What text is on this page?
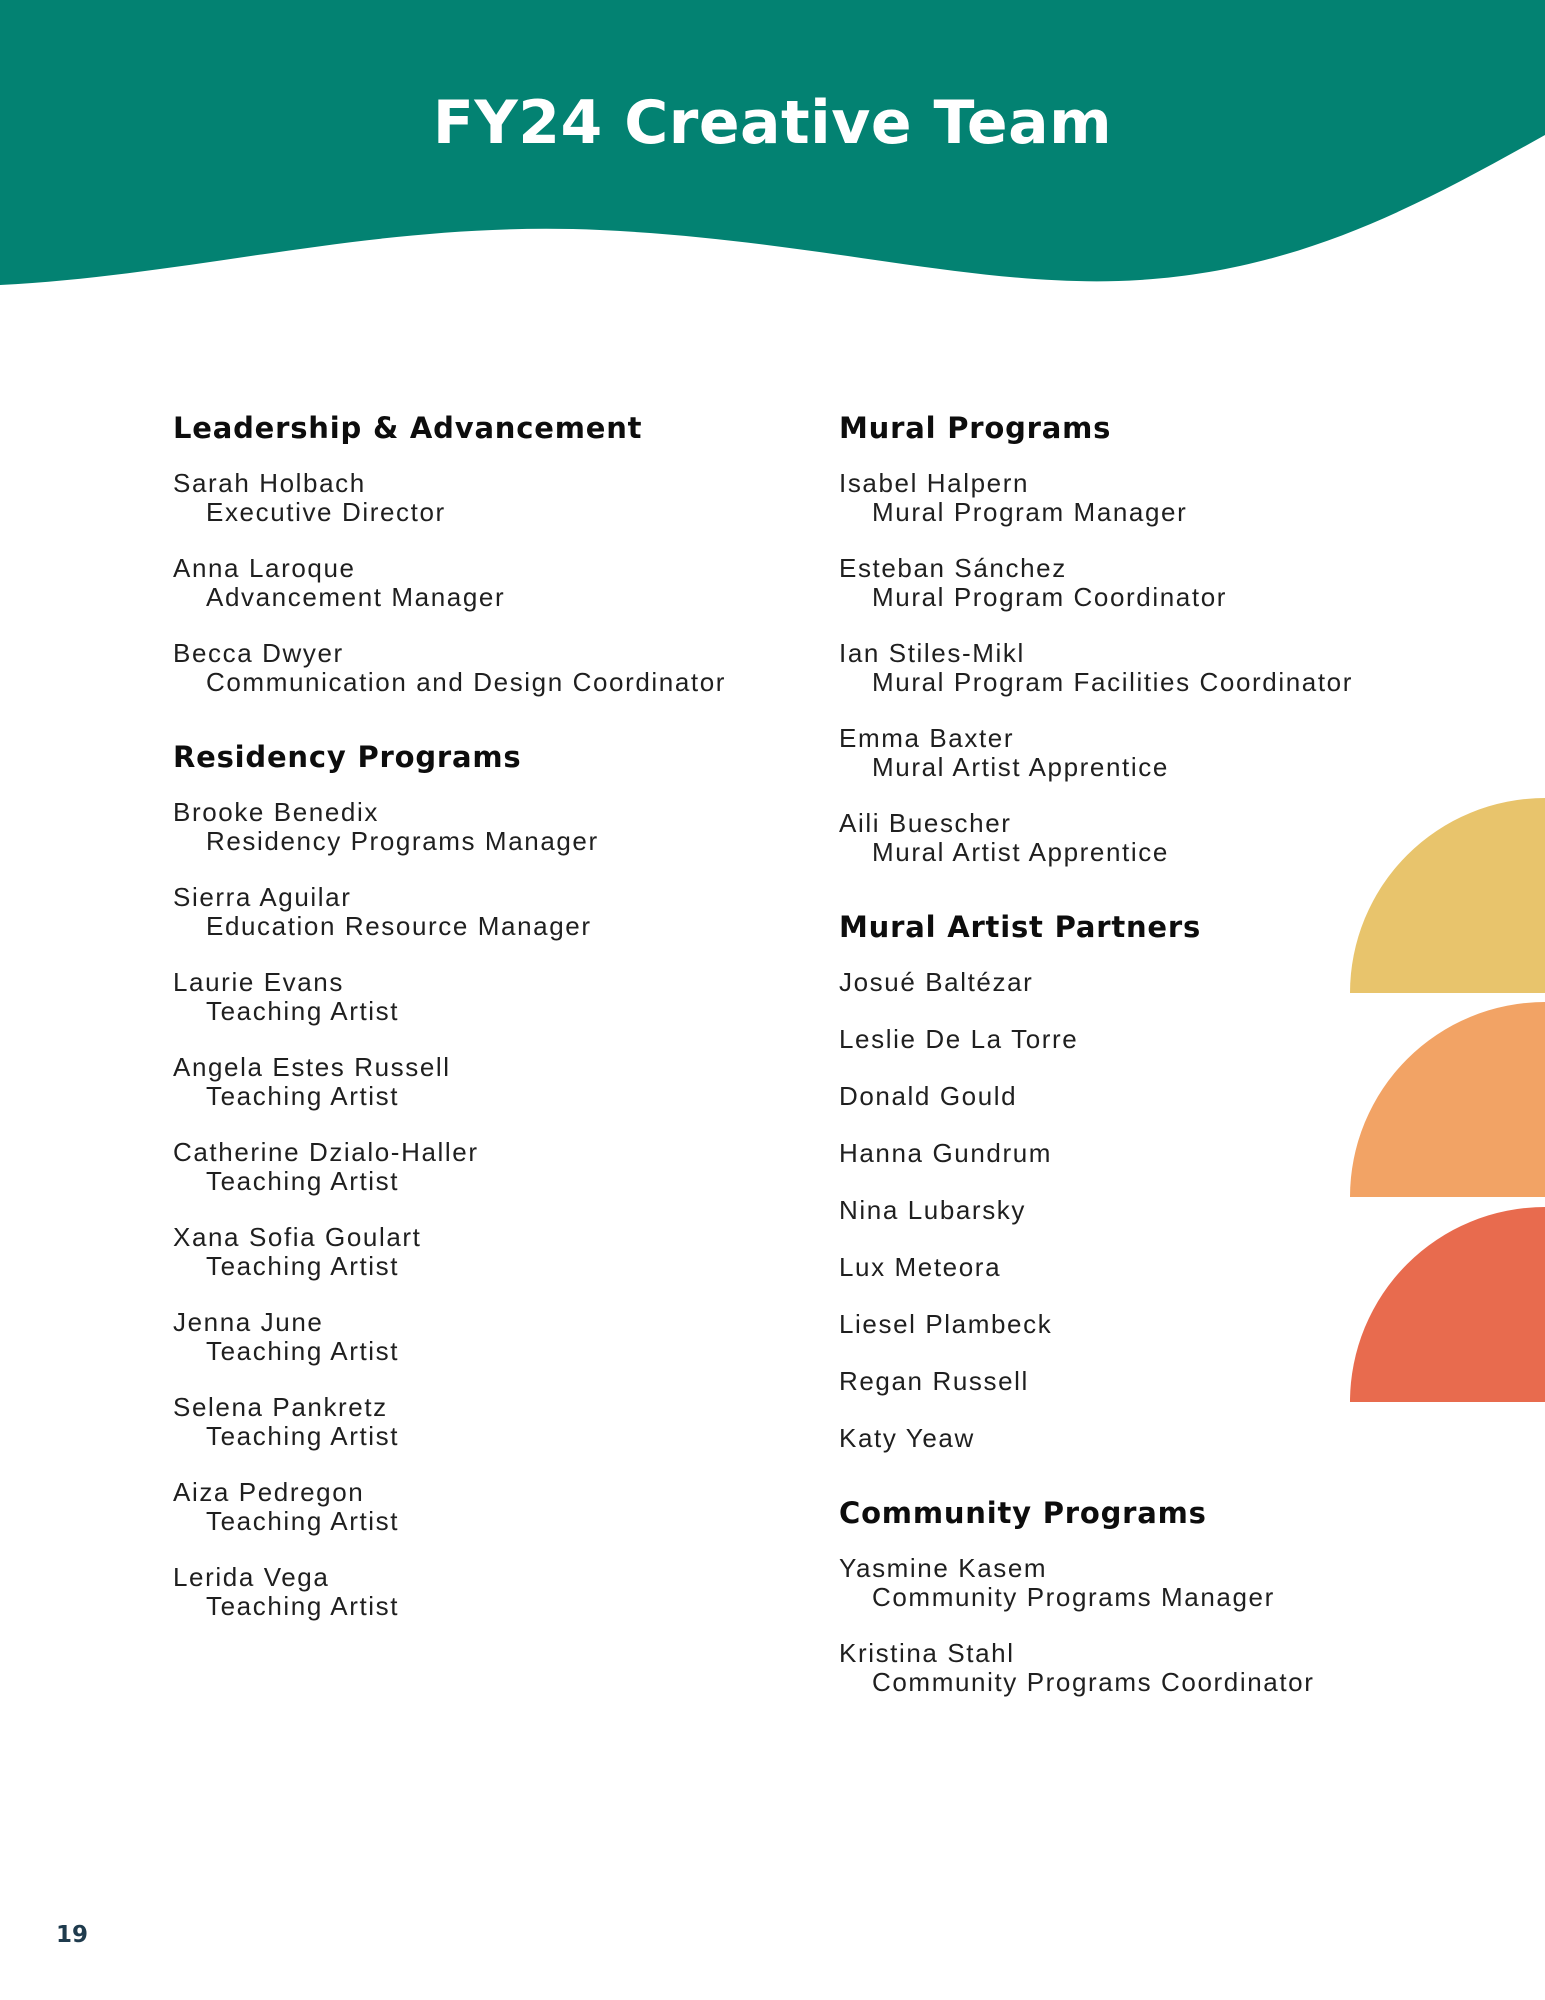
FY24 Creative Team
Leadership & Advancement
Sarah Holbach
Executive Director
Anna Laroque
Advancement Manager
Becca Dwyer
Communication and Design Coordinator
Residency Programs
Brooke Benedix
Residency Programs Manager
Sierra Aguilar
Education Resource Manager
Laurie Evans
Teaching Artist
Angela Estes Russell
Teaching Artist
Catherine Dzialo-Haller
Teaching Artist
Xana Sofia Goulart
Teaching Artist
Jenna June
Teaching Artist
Selena Pankretz
Teaching Artist
Aiza Pedregon
Teaching Artist
Lerida Vega
Teaching Artist
Mural Programs
Isabel Halpern
Mural Program Manager
Esteban Sánchez
Mural Program Coordinator
Ian Stiles-Mikl
Mural Program Facilities Coordinator
Emma Baxter
Mural Artist Apprentice
Aili Buescher
Mural Artist Apprentice
Mural Artist Partners
Josué Baltézar
Leslie De La Torre
Donald Gould
Hanna Gundrum
Nina Lubarsky
Lux Meteora
Liesel Plambeck
Regan Russell
Katy Yeaw
Community Programs
Yasmine Kasem
Community Programs Manager
Kristina Stahl
Community Programs Coordinator
19
